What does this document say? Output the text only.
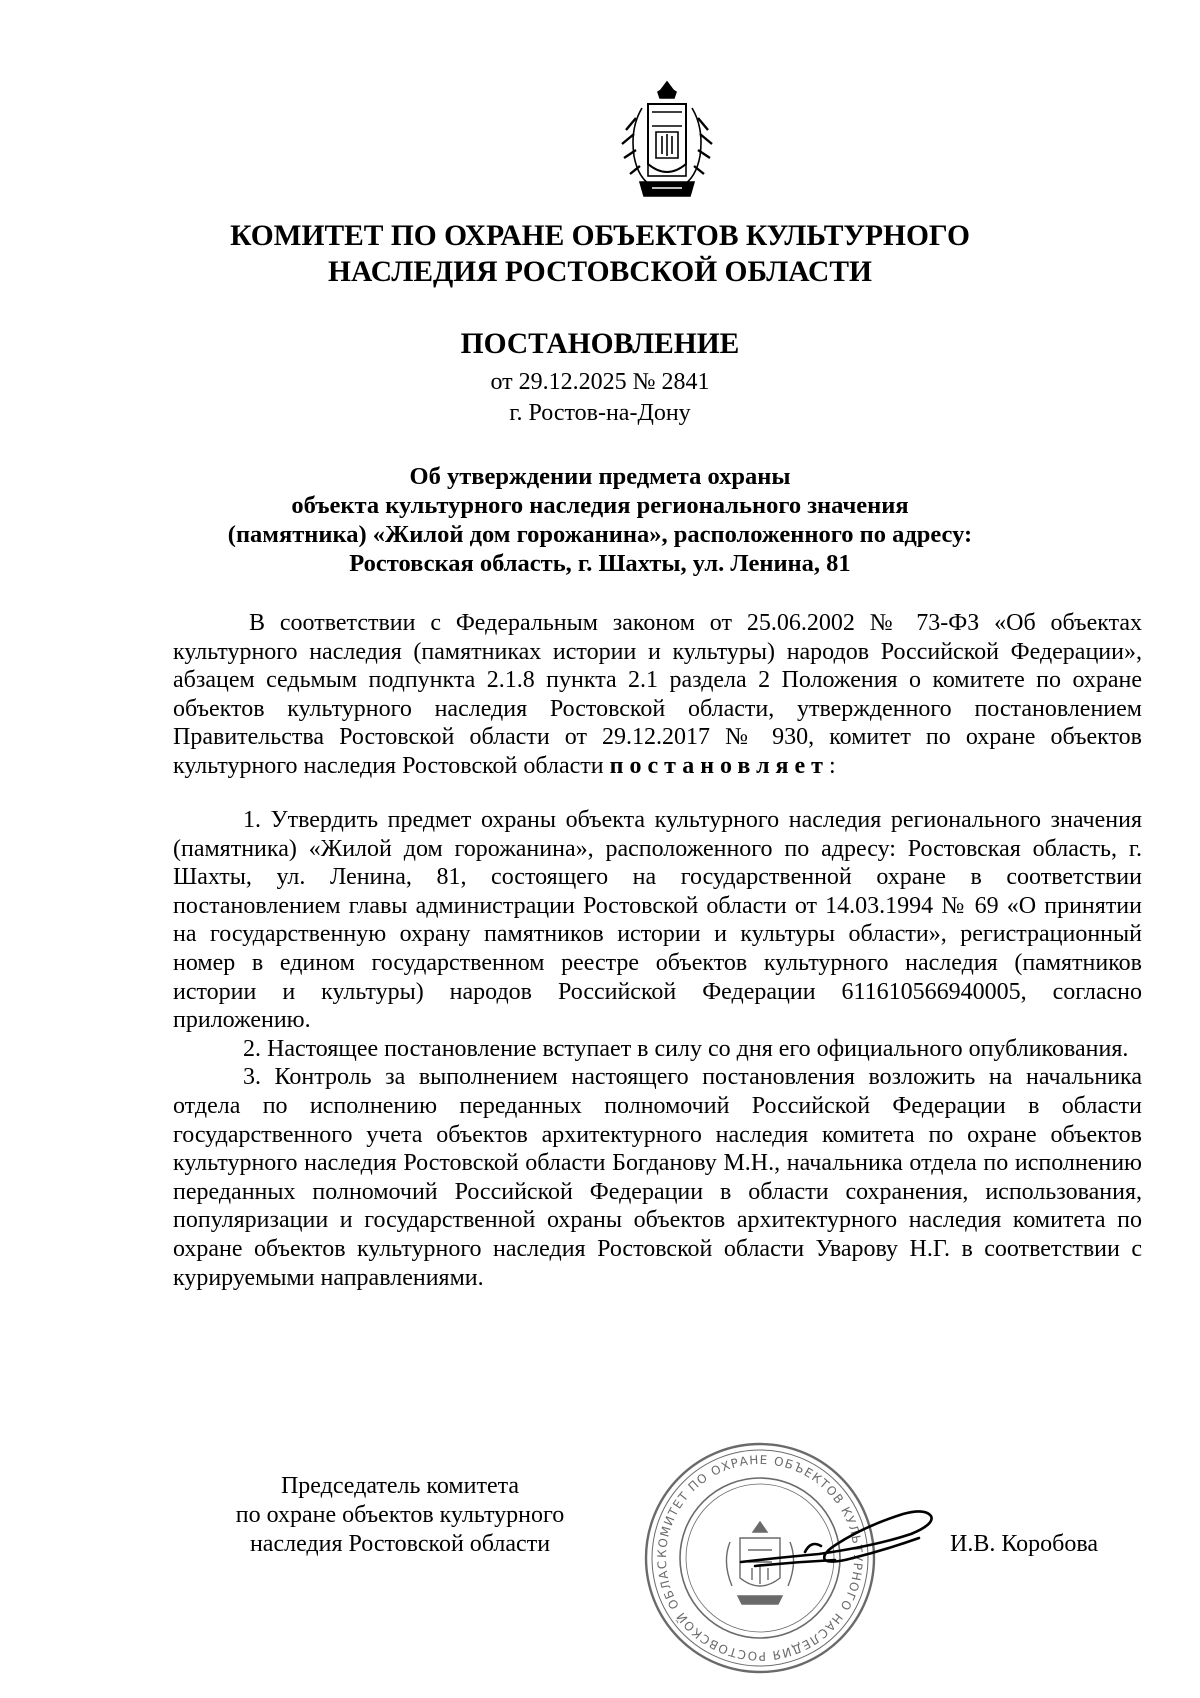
КОМИТЕТ ПО ОХРАНЕ ОБЪЕКТОВ КУЛЬТУРНОГО
НАСЛЕДИЯ РОСТОВСКОЙ ОБЛАСТИ
ПОСТАНОВЛЕНИЕ
от 29.12.2025 № 2841
г. Ростов-на-Дону
Об утверждении предмета охраны
объекта культурного наследия регионального значения
(памятника) «Жилой дом горожанина», расположенного по адресу:
Ростовская область, г. Шахты, ул. Ленина, 81

В соответствии с Федеральным законом от 25.06.2002 № 73-ФЗ «Об объектах культурного наследия (памятниках истории и культуры) народов Российской Федерации», абзацем седьмым подпункта 2.1.8 пункта 2.1 раздела 2 Положения о комитете по охране объектов культурного наследия Ростовской области, утвержденного постановлением Правительства Ростовской области от 29.12.2017 № 930, комитет по охране объектов культурного наследия Ростовской области постановляет:

1. Утвердить предмет охраны объекта культурного наследия регионального значения (памятника) «Жилой дом горожанина», расположенного по адресу: Ростовская область, г. Шахты, ул. Ленина, 81, состоящего на государственной охране в соответствии постановлением главы администрации Ростовской области от 14.03.1994 № 69 «О принятии на государственную охрану памятников истории и культуры области», регистрационный номер в едином государственном реестре объектов культурного наследия (памятников истории и культуры) народов Российской Федерации 611610566940005, согласно приложению.

2. Настоящее постановление вступает в силу со дня его официального опубликования.

3. Контроль за выполнением настоящего постановления возложить на начальника отдела по исполнению переданных полномочий Российской Федерации в области государственного учета объектов архитектурного наследия комитета по охране объектов культурного наследия Ростовской области Богданову М.Н., начальника отдела по исполнению переданных полномочий Российской Федерации в области сохранения, использования, популяризации и государственной охраны объектов архитектурного наследия комитета по охране объектов культурного наследия Ростовской области Уварову Н.Г. в соответствии с курируемыми направлениями.

КОМИТЕТ ПО ОХРАНЕ ОБЪЕКТОВ КУЛЬТУРНОГО НАСЛЕДИЯ РОСТОВСКОЙ ОБЛАС
Председатель комитета
по охране объектов культурного
наследия Ростовской области	И.В. Коробова
